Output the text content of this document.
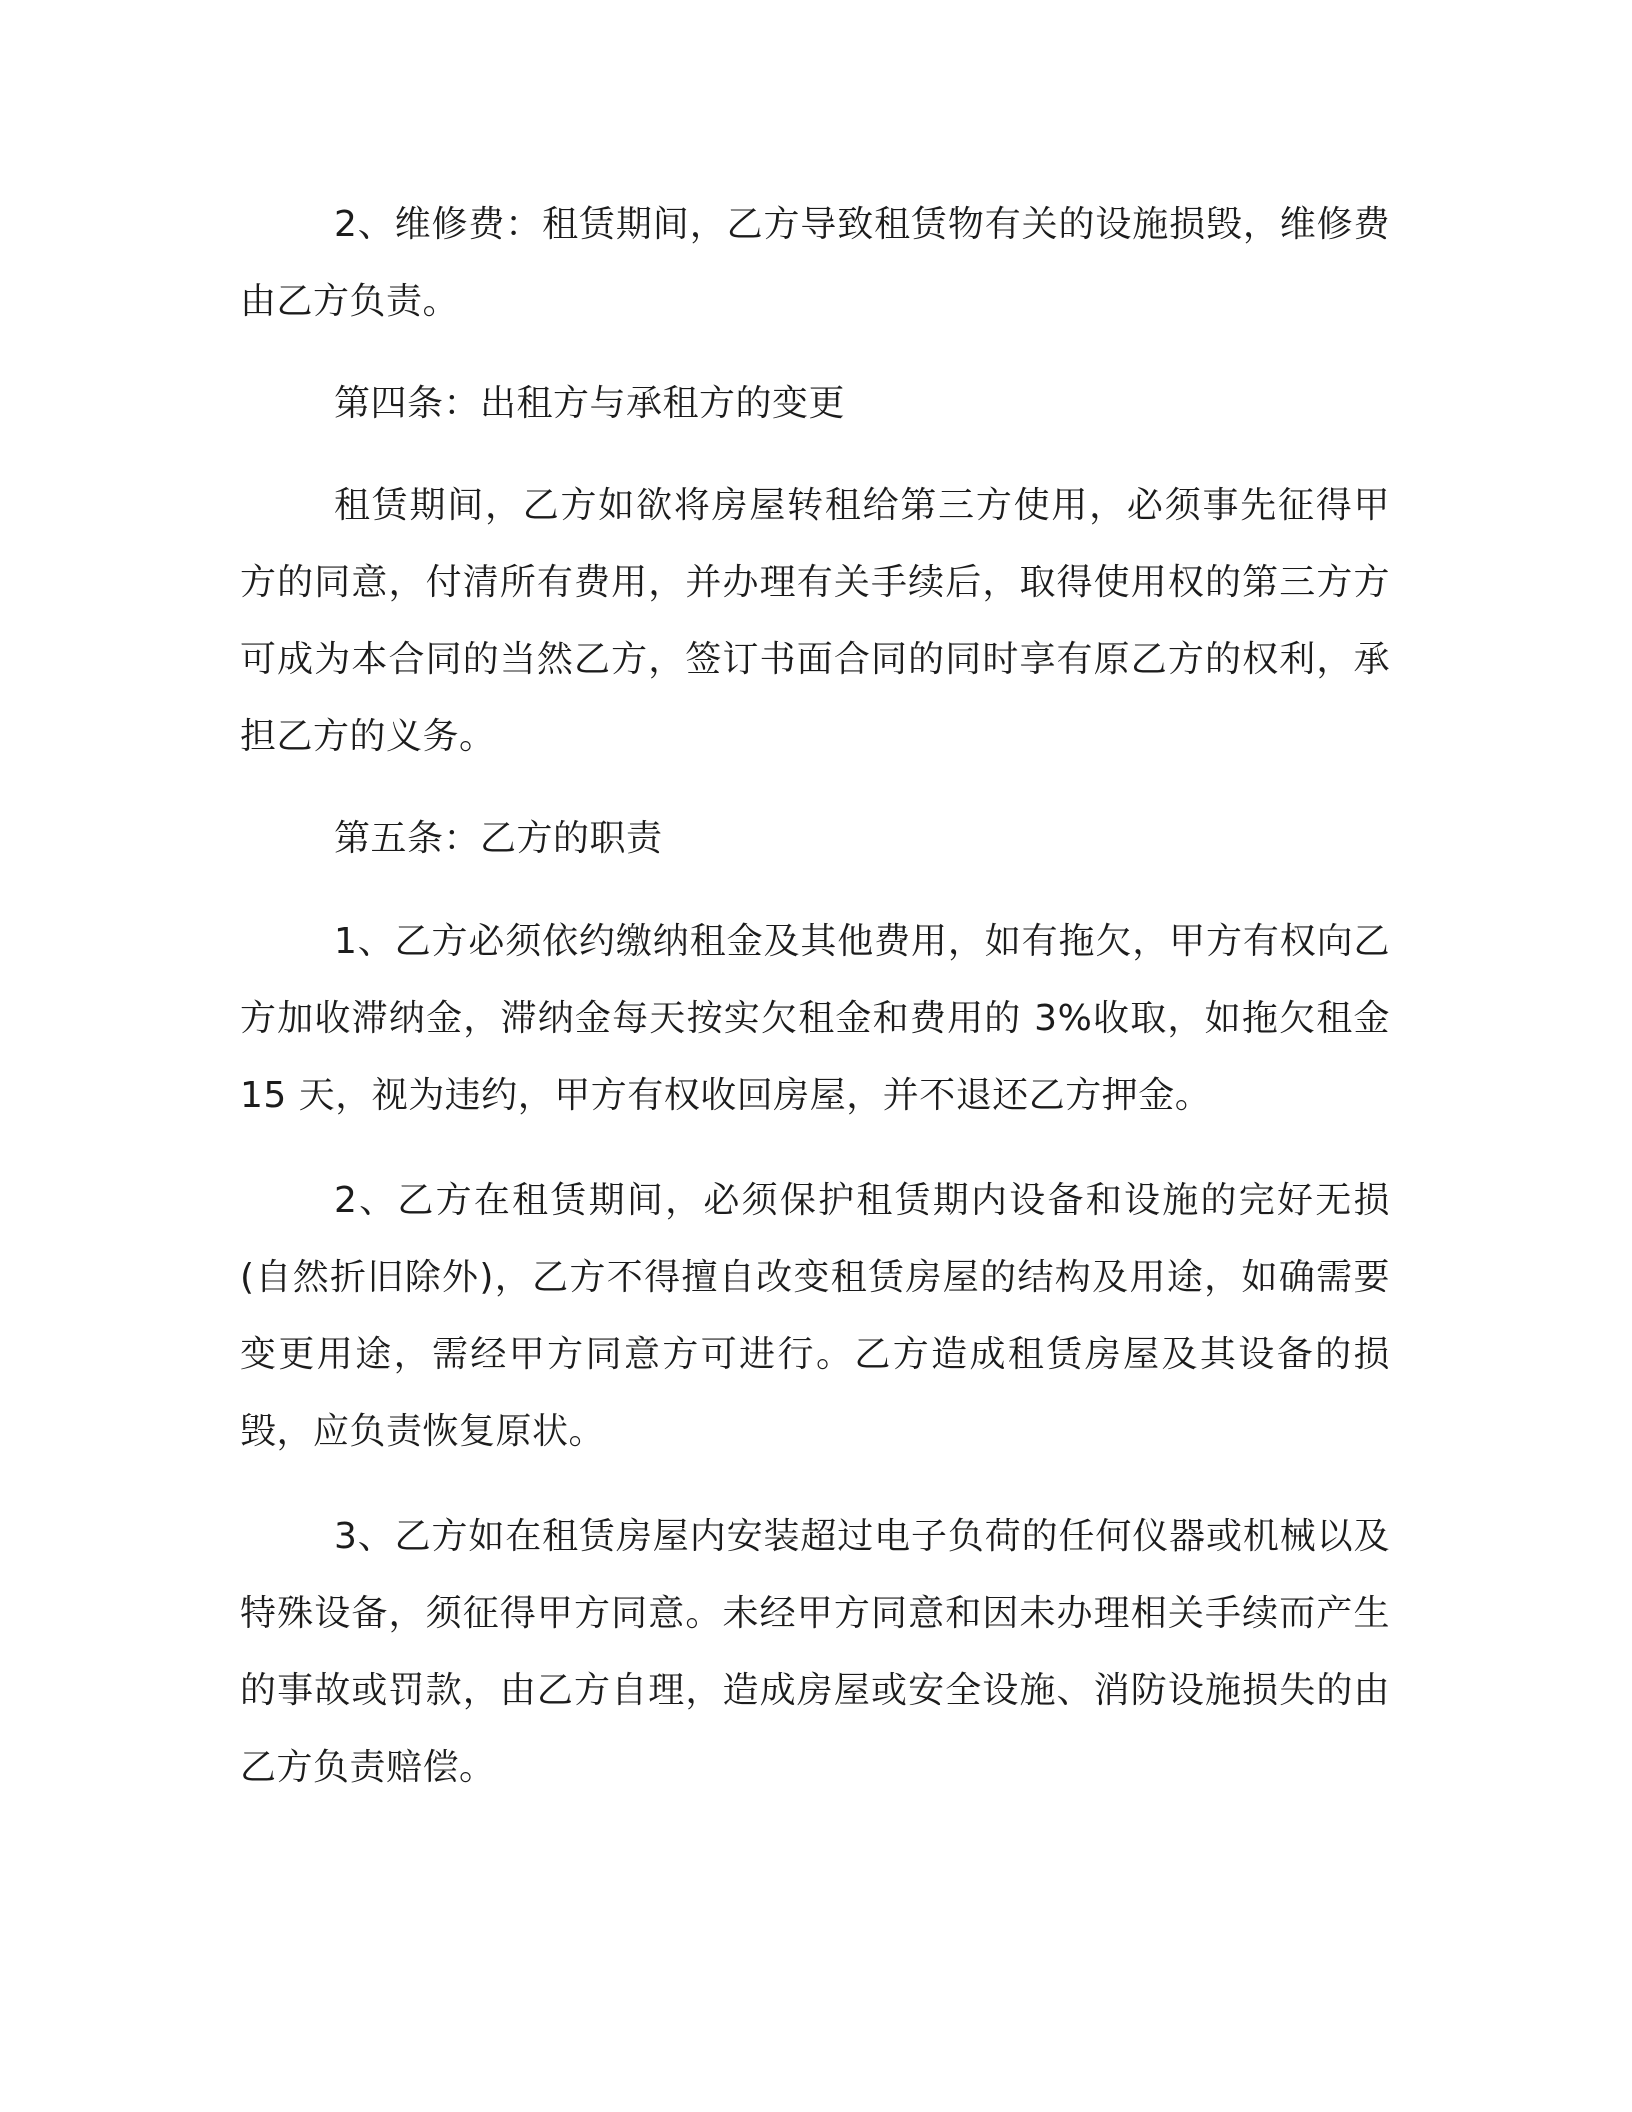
2、维修费：租赁期间，乙方导致租赁物有关的设施损毁，维修费由乙方负责。

第四条：出租方与承租方的变更

租赁期间，乙方如欲将房屋转租给第三方使用，必须事先征得甲方的同意，付清所有费用，并办理有关手续后，取得使用权的第三方方可成为本合同的当然乙方，签订书面合同的同时享有原乙方的权利，承担乙方的义务。

第五条：乙方的职责

1、乙方必须依约缴纳租金及其他费用，如有拖欠，甲方有权向乙方加收滞纳金，滞纳金每天按实欠租金和费用的 3%收取，如拖欠租金 15 天，视为违约，甲方有权收回房屋，并不退还乙方押金。

2、乙方在租赁期间，必须保护租赁期内设备和设施的完好无损(自然折旧除外)，乙方不得擅自改变租赁房屋的结构及用途，如确需要变更用途，需经甲方同意方可进行。乙方造成租赁房屋及其设备的损毁，应负责恢复原状。

3、乙方如在租赁房屋内安装超过电子负荷的任何仪器或机械以及特殊设备，须征得甲方同意。未经甲方同意和因未办理相关手续而产生的事故或罚款，由乙方自理，造成房屋或安全设施、消防设施损失的由乙方负责赔偿。
